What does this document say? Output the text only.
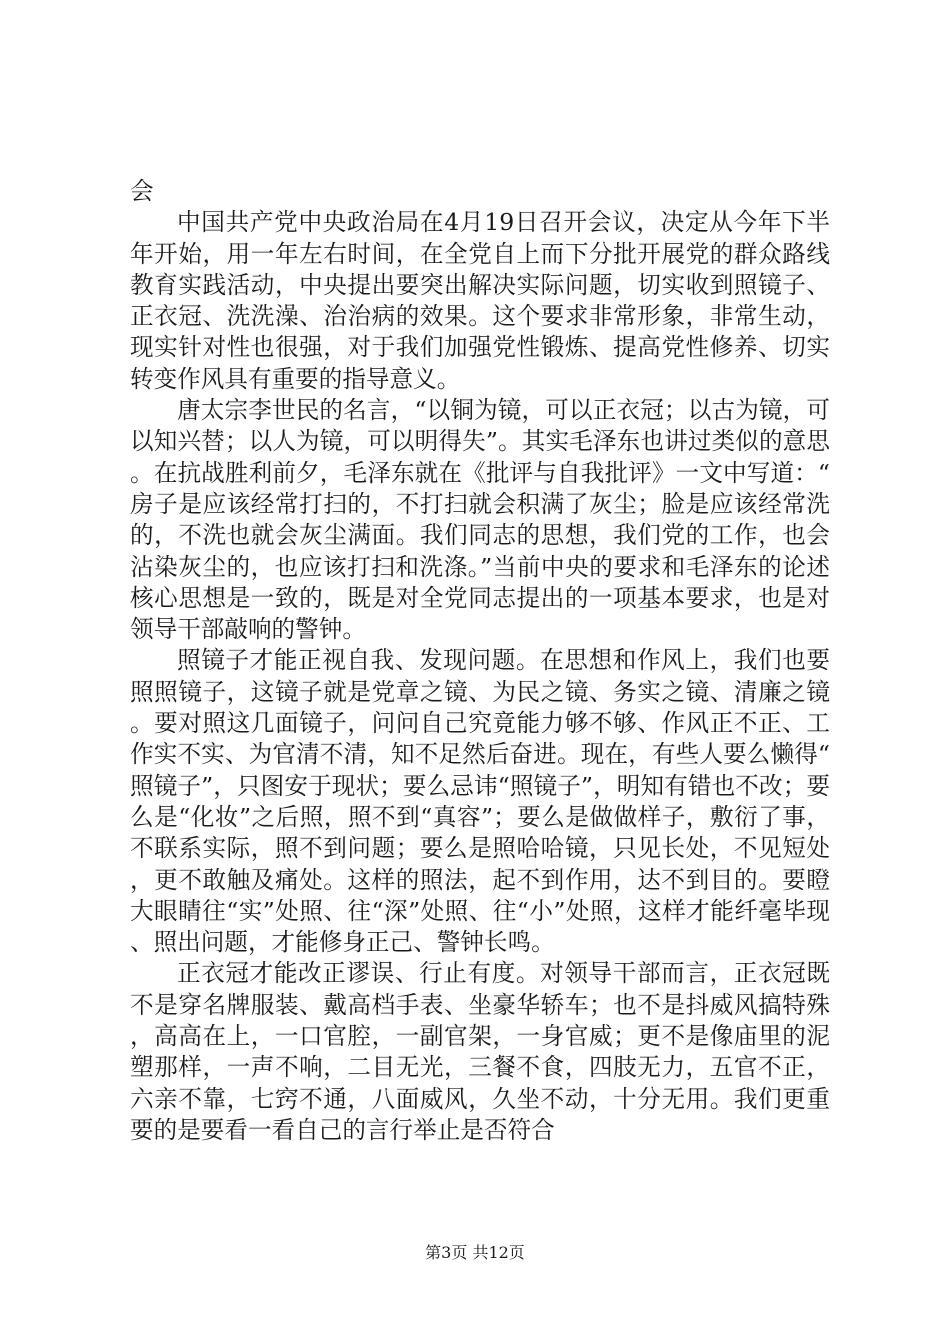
会

中国共产党中央政治局在4月19日召开会议，决定从今年下半年开始，用一年左右时间，在全党自上而下分批开展党的群众路线教育实践活动，中央提出要突出解决实际问题，切实收到照镜子、正衣冠、洗洗澡、治治病的效果。这个要求非常形象，非常生动，现实针对性也很强，对于我们加强党性锻炼、提高党性修养、切实转变作风具有重要的指导意义。

唐太宗李世民的名言，“以铜为镜，可以正衣冠；以古为镜，可以知兴替；以人为镜，可以明得失”。其实毛泽东也讲过类似的意思。在抗战胜利前夕，毛泽东就在《批评与自我批评》一文中写道：“房子是应该经常打扫的，不打扫就会积满了灰尘；脸是应该经常洗的，不洗也就会灰尘满面。我们同志的思想，我们党的工作，也会沾染灰尘的，也应该打扫和洗涤。”当前中央的要求和毛泽东的论述核心思想是一致的，既是对全党同志提出的一项基本要求，也是对领导干部敲响的警钟。

照镜子才能正视自我、发现问题。在思想和作风上，我们也要照照镜子，这镜子就是党章之镜、为民之镜、务实之镜、清廉之镜。要对照这几面镜子，问问自己究竟能力够不够、作风正不正、工作实不实、为官清不清，知不足然后奋进。现在，有些人要么懒得“照镜子”，只图安于现状；要么忌讳“照镜子”，明知有错也不改；要么是“化妆”之后照，照不到“真容”；要么是做做样子，敷衍了事，不联系实际，照不到问题；要么是照哈哈镜，只见长处，不见短处，更不敢触及痛处。这样的照法，起不到作用，达不到目的。要瞪大眼睛往“实”处照、往“深”处照、往“小”处照，这样才能纤毫毕现、照出问题，才能修身正己、警钟长鸣。

正衣冠才能改正谬误、行止有度。对领导干部而言，正衣冠既不是穿名牌服装、戴高档手表、坐豪华轿车；也不是抖威风搞特殊，高高在上，一口官腔，一副官架，一身官威；更不是像庙里的泥塑那样，一声不响，二目无光，三餐不食，四肢无力，五官不正，六亲不靠，七窍不通，八面威风，久坐不动，十分无用。我们更重要的是要看一看自己的言行举止是否符合

第3页 共12页
